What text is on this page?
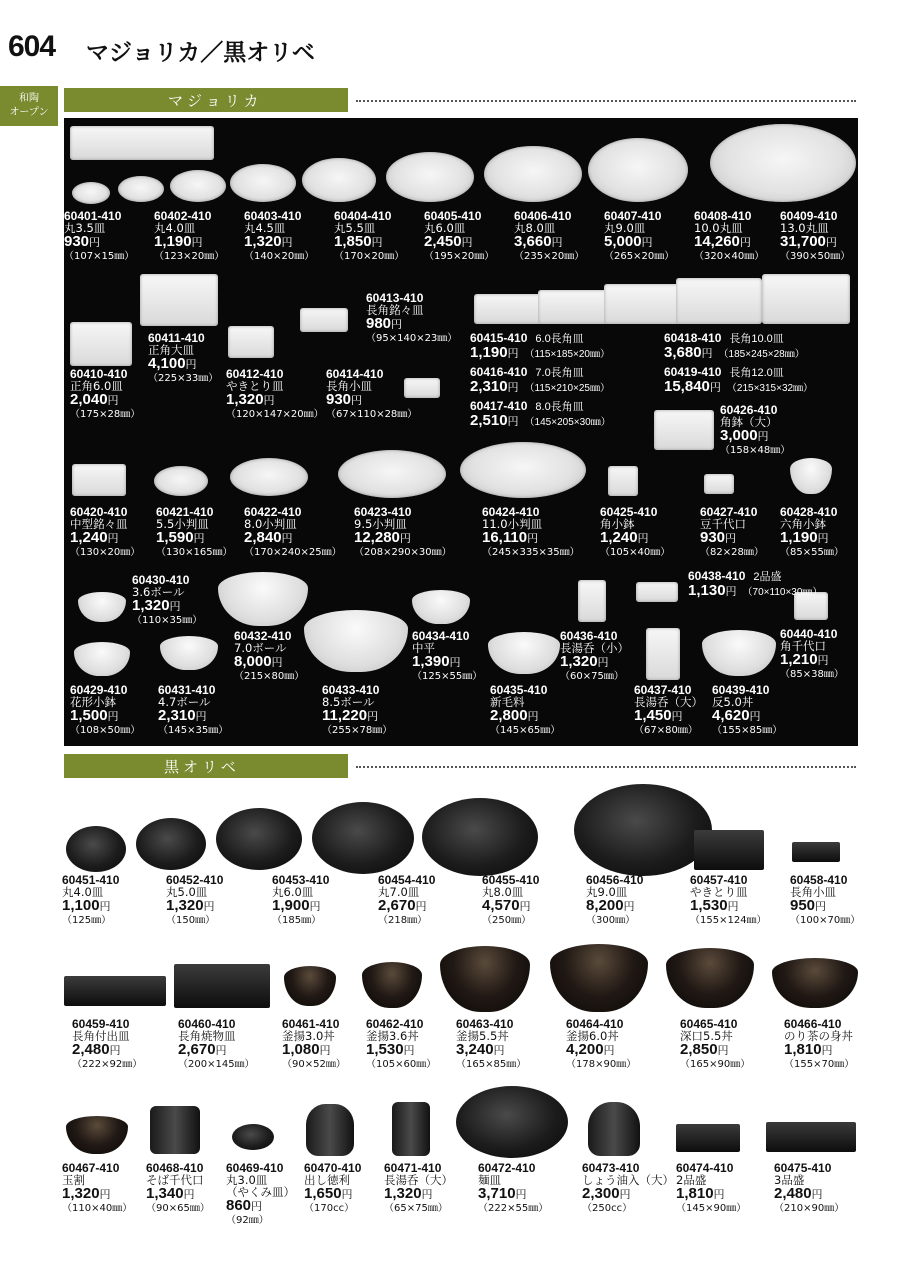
604 マジョリカ／黒オリベ
和陶
オープン
マジョリカ
60401-410
丸3.5皿
930円
（107×15㎜）
60402-410
丸4.0皿
1,190円
（123×20㎜）
60403-410
丸4.5皿
1,320円
（140×20㎜）
60404-410
丸5.5皿
1,850円
（170×20㎜）
60405-410
丸6.0皿
2,450円
（195×20㎜）
60406-410
丸8.0皿
3,660円
（235×20㎜）
60407-410
丸9.0皿
5,000円
（265×20㎜）
60408-410
10.0丸皿
14,260円
（320×40㎜）
60409-410
13.0丸皿
31,700円
（390×50㎜）
60410-410
正角6.0皿
2,040円
（175×28㎜）
60411-410
正角大皿
4,100円
（225×33㎜） 60412-410
やきとり皿
1,320円
（120×147×20㎜）
60413-410
長角銘々皿
980円
（95×140×23㎜）
60414-410
長角小皿
930円
（67×110×28㎜）
60415-410 6.0長角皿
1,190円 （115×185×20㎜）
60416-410 7.0長角皿
2,310円 （115×210×25㎜）
60417-410 8.0長角皿
2,510円 （145×205×30㎜）
60418-410 長角10.0皿
3,680円 （185×245×28㎜）
60419-410 長角12.0皿
15,840円 （215×315×32㎜）
60426-410
角鉢（大）
3,000円
（158×48㎜）
60420-410
中型銘々皿
1,240円
（130×20㎜）
60421-410
5.5小判皿
1,590円
（130×165㎜）
60422-410
8.0小判皿
2,840円
（170×240×25㎜）
60423-410
9.5小判皿
12,280円
（208×290×30㎜）
60424-410
11.0小判皿
16,110円
（245×335×35㎜）
60425-410
角小鉢
1,240円
（105×40㎜）
60427-410
豆千代口
930円
（82×28㎜）
60428-410
六角小鉢
1,190円
（85×55㎜）
60430-410
3.6ボール
1,320円
（110×35㎜）
60438-410 2品盛
1,130円 （70×110×30㎜）
60432-410
7.0ボール
8,000円
（215×80㎜）
60434-410
中平
1,390円
（125×55㎜）
60436-410
長湯呑（小）
1,320円
（60×75㎜）
60440-410
角千代口
1,210円
（85×38㎜）
60429-410
花形小鉢
1,500円
（108×50㎜）
60431-410
4.7ボール
2,310円
（145×35㎜）
60433-410
8.5ボール
11,220円
（255×78㎜）
60435-410
新毛料
2,800円
（145×65㎜）
60437-410
長湯呑（大）
1,450円
（67×80㎜）
60439-410
反5.0丼
4,620円
（155×85㎜）
黒オリベ
60451-410
丸4.0皿
1,100円
（125㎜）
60452-410
丸5.0皿
1,320円
（150㎜）
60453-410
丸6.0皿
1,900円
（185㎜）
60454-410
丸7.0皿
2,670円
（218㎜）
60455-410
丸8.0皿
4,570円
（250㎜）
60456-410
丸9.0皿
8,200円
（300㎜）
60457-410
やきとり皿
1,530円
（155×124㎜）
60458-410
長角小皿
950円
（100×70㎜）
60459-410
長角付出皿
2,480円
（222×92㎜）
60460-410
長角焼物皿
2,670円
（200×145㎜）
60461-410
釜揚3.0丼
1,080円
（90×52㎜）
60462-410
釜揚3.6丼
1,530円
（105×60㎜）
60463-410
釜揚5.5丼
3,240円
（165×85㎜）
60464-410
釜揚6.0丼
4,200円
（178×90㎜）
60465-410
深口5.5丼
2,850円
（165×90㎜）
60466-410
のり茶の身丼
1,810円
（155×70㎜）
60467-410
玉割
1,320円
（110×40㎜）
60468-410
そば千代口
1,340円
（90×65㎜）
60469-410
丸3.0皿
（やくみ皿）
860円
（92㎜）
60470-410
出し徳利
1,650円
（170cc）
60471-410
長湯呑（大）
1,320円
（65×75㎜）
60472-410
麺皿
3,710円
（222×55㎜）
60473-410
しょう油入（大）
2,300円
（250cc）
60474-410
2品盛
1,810円
（145×90㎜）
60475-410
3品盛
2,480円
（210×90㎜）
